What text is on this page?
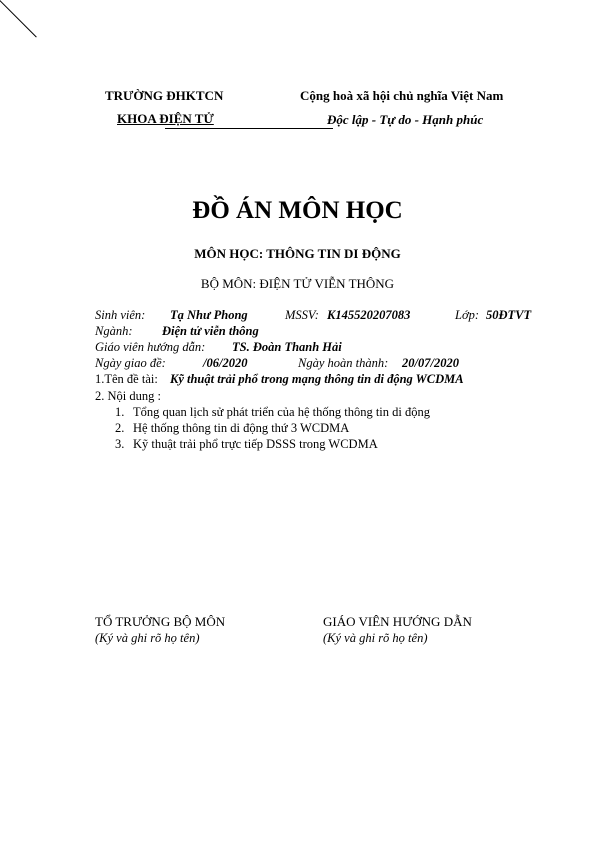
TRƯỜNG ĐHKTCN	Cộng hoà xã hội chủ nghĩa Việt Nam
KHOA ĐIỆN TỬ	Độc lập - Tự do - Hạnh phúc
ĐỒ ÁN MÔN HỌC
MÔN HỌC: THÔNG TIN DI ĐỘNG
BỘ MÔN: ĐIỆN TỬ VIỄN THÔNG
Sinh viên: Tạ Như Phong	MSSV: K145520207083	Lớp: 50ĐTVT
Ngành: Điện tử viễn thông
Giáo viên hướng dẫn: TS. Đoàn Thanh Hải
Ngày giao đề:	/06/2020	Ngày hoàn thành: 20/07/2020
1.Tên đề tài: Kỹ thuật trải phổ trong mạng thông tin di động WCDMA
2. Nội dung :
1. Tổng quan lịch sử phát triển của hệ thống thông tin di động
2. Hệ thống thông tin di động thứ 3 WCDMA
3. Kỹ thuật trải phổ trực tiếp DSSS trong WCDMA
TỔ TRƯỞNG BỘ MÔN
(Ký và ghi rõ họ tên)
GIÁO VIÊN HƯỚNG DẪN
(Ký và ghi rõ họ tên)
